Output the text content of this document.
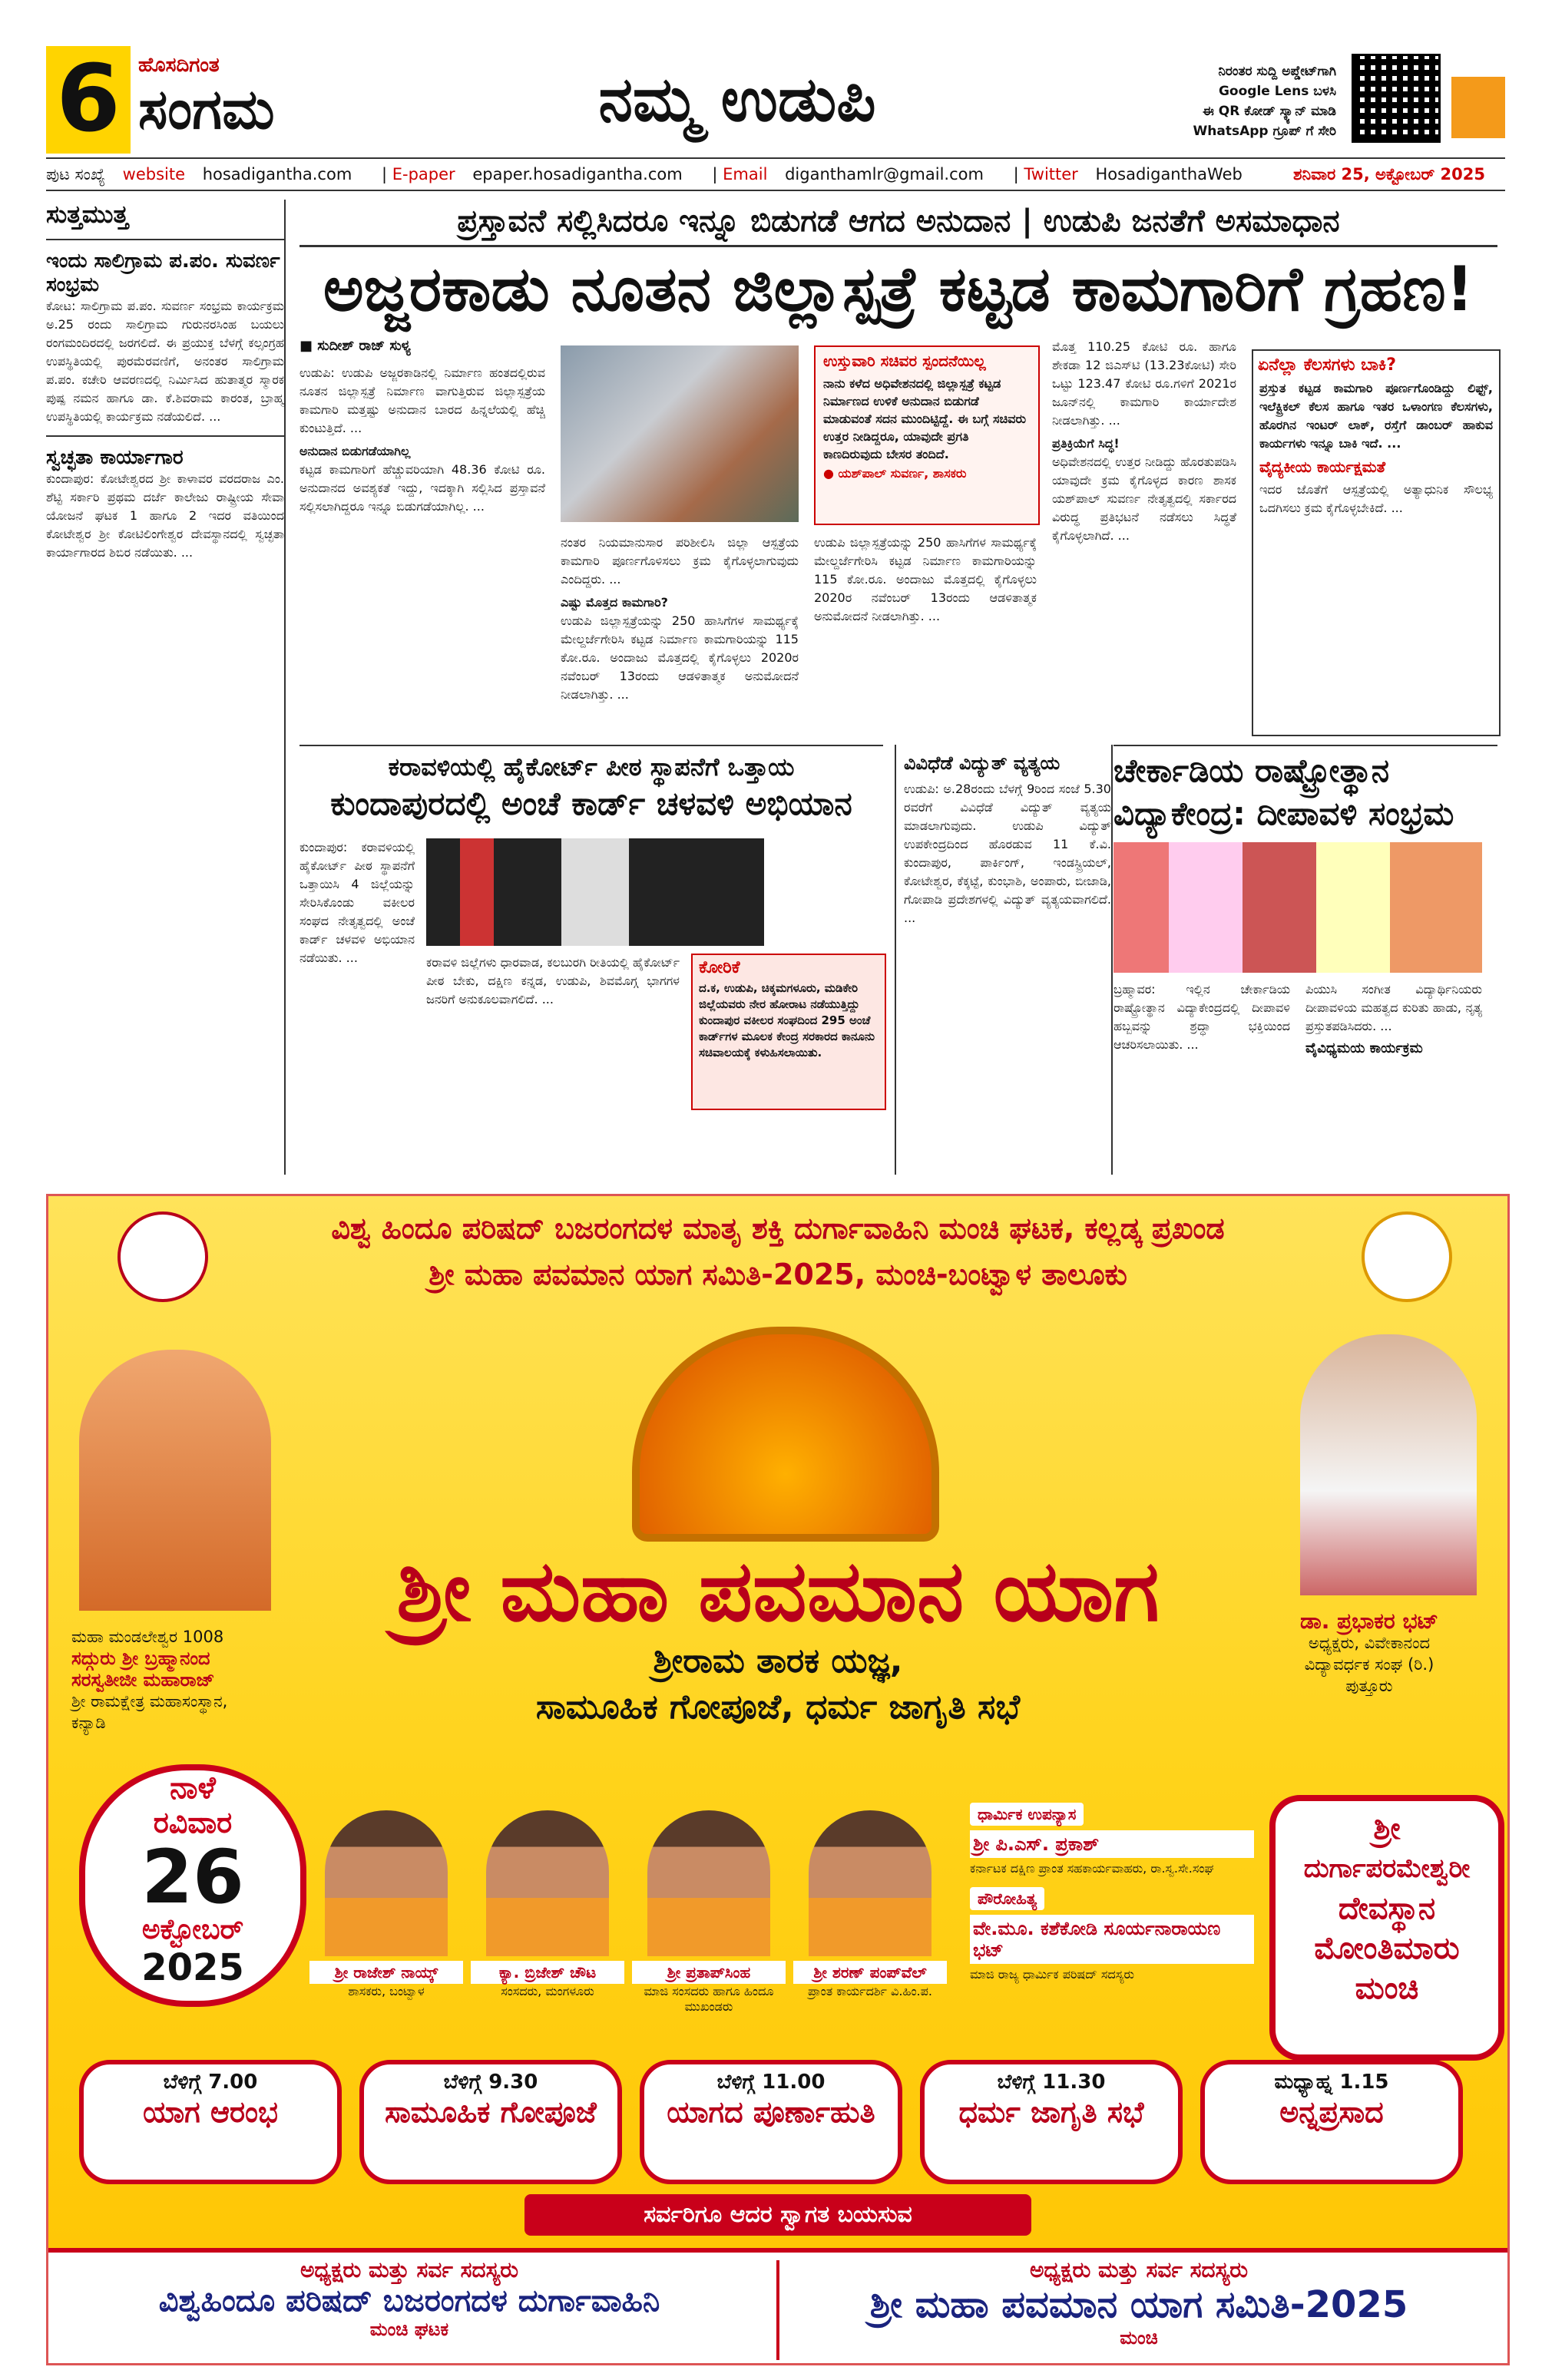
6 ಹೊಸದಿಗಂತ
ಸಂಗಮ	ನಮ್ಮ ಉಡುಪಿ	ನಿರಂತರ ಸುದ್ದಿ ಅಪ್ಡೇಟ್‌ಗಾಗಿ
Google Lens ಬಳಸಿ
ಈ QR ಕೋಡ್ ಸ್ಕ್ಯಾನ್ ಮಾಡಿ
WhatsApp ಗ್ರೂಪ್ ಗೆ ಸೇರಿ
ಪುಟ ಸಂಖ್ಯೆ website hosadigantha.com | E-paper epaper.hosadigantha.com | Email diganthamlr@gmail.com | Twitter HosadiganthaWeb	ಶನಿವಾರ 25, ಅಕ್ಟೋಬರ್ 2025
ಸುತ್ತಮುತ್ತ
ಇಂದು ಸಾಲಿಗ್ರಾಮ ಪ.ಪಂ. ಸುವರ್ಣ ಸಂಭ್ರಮ
ಕೋಟ: ಸಾಲಿಗ್ರಾಮ ಪ.ಪಂ. ಸುವರ್ಣ ಸಂಭ್ರಮ ಕಾರ್ಯಕ್ರಮ ಅ.25 ರಂದು ಸಾಲಿಗ್ರಾಮ ಗುರುನರಸಿಂಹ ಬಯಲು ರಂಗಮಂದಿರದಲ್ಲಿ ಜರಗಲಿದೆ. ಈ ಪ್ರಯುಕ್ತ ಬೆಳಗ್ಗೆ ಕಲ್ಸಂಗ್ರಹ ಉಪಸ್ಥಿತಿಯಲ್ಲಿ ಪುರಮೆರವಣಿಗೆ, ಅನಂತರ ಸಾಲಿಗ್ರಾಮ ಪ.ಪಂ. ಕಚೇರಿ ಆವರಣದಲ್ಲಿ ನಿರ್ಮಿಸಿದ ಹುತಾತ್ಮರ ಸ್ಮಾರಕ ಪುಷ್ಪ ನಮನ ಹಾಗೂ ಡಾ. ಕೆ.ಶಿವರಾಮ ಕಾರಂತ, ಬ್ರಾಹ್ಮ ಉಪಸ್ಥಿತಿಯಲ್ಲಿ ಕಾರ್ಯಕ್ರಮ ನಡೆಯಲಿದೆ. ...
ಸ್ವಚ್ಛತಾ ಕಾರ್ಯಾಗಾರ
ಕುಂದಾಪುರ: ಕೋಟೇಶ್ವರದ ಶ್ರೀ ಕಾಳಾವರ ವರದರಾಜ ಎಂ. ಶೆಟ್ಟಿ ಸರ್ಕಾರಿ ಪ್ರಥಮ ದರ್ಜೆ ಕಾಲೇಜು ರಾಷ್ಟ್ರೀಯ ಸೇವಾ ಯೋಜನೆ ಘಟಕ 1 ಹಾಗೂ 2 ಇದರ ವತಿಯಿಂದ ಕೋಟೇಶ್ವರ ಶ್ರೀ ಕೋಟಿಲಿಂಗೇಶ್ವರ ದೇವಸ್ಥಾನದಲ್ಲಿ ಸ್ವಚ್ಛತಾ ಕಾರ್ಯಾಗಾರದ ಶಿಬಿರ ನಡೆಯಿತು. ...
ಪ್ರಸ್ತಾವನೆ ಸಲ್ಲಿಸಿದರೂ ಇನ್ನೂ ಬಿಡುಗಡೆ ಆಗದ ಅನುದಾನ | ಉಡುಪಿ ಜನತೆಗೆ ಅಸಮಾಧಾನ
ಅಜ್ಜರಕಾಡು ನೂತನ ಜಿಲ್ಲಾಸ್ಪತ್ರೆ ಕಟ್ಟಡ ಕಾಮಗಾರಿಗೆ ಗ್ರಹಣ!
■ ಸುದೀಶ್ ರಾಜ್ ಸುಳ್ಯ
ಉಡುಪಿ: ಉಡುಪಿ ಅಜ್ಜರಕಾಡಿನಲ್ಲಿ ನಿರ್ಮಾಣ ಹಂತದಲ್ಲಿರುವ ನೂತನ ಜಿಲ್ಲಾಸ್ಪತ್ರೆ ನಿರ್ಮಾಣ ವಾಗುತ್ತಿರುವ ಜಿಲ್ಲಾಸ್ಪತ್ರೆಯ ಕಾಮಗಾರಿ ಮತ್ತಷ್ಟು ಅನುದಾನ ಬಾರದ ಹಿನ್ನಲೆಯಲ್ಲಿ ಹೆಚ್ಚಿ ಕುಂಟುತ್ತಿದೆ. ...
ಅನುದಾನ ಬಿಡುಗಡೆಯಾಗಿಲ್ಲ
ಕಟ್ಟಡ ಕಾಮಗಾರಿಗೆ ಹೆಚ್ಚುವರಿಯಾಗಿ 48.36 ಕೋಟಿ ರೂ. ಅನುದಾನದ ಅವಶ್ಯಕತೆ ಇದ್ದು, ಇದಕ್ಕಾಗಿ ಸಲ್ಲಿಸಿದ ಪ್ರಸ್ತಾವನೆ ಸಲ್ಲಿಸಲಾಗಿದ್ದರೂ ಇನ್ನೂ ಬಿಡುಗಡೆಯಾಗಿಲ್ಲ. ...
ಉಸ್ತುವಾರಿ ಸಚಿವರ ಸ್ಪಂದನೆಯಿಲ್ಲ
ನಾನು ಕಳೆದ ಅಧಿವೇಶನದಲ್ಲಿ ಜಿಲ್ಲಾಸ್ಪತ್ರೆ ಕಟ್ಟಡ ನಿರ್ಮಾಣದ ಉಳಿಕೆ ಅನುದಾನ ಬಿಡುಗಡೆ ಮಾಡುವಂತೆ ಸದನ ಮುಂದಿಟ್ಟಿದ್ದೆ. ಈ ಬಗ್ಗೆ ಸಚಿವರು ಉತ್ತರ ನೀಡಿದ್ದರೂ, ಯಾವುದೇ ಪ್ರಗತಿ ಕಾಣದಿರುವುದು ಬೇಸರ ತಂದಿದೆ.
● ಯಶ್‌ಪಾಲ್ ಸುವರ್ಣ, ಶಾಸಕರು
ನಂತರ ನಿಯಮಾನುಸಾರ ಪರಿಶೀಲಿಸಿ ಜಿಲ್ಲಾ ಆಸ್ಪತ್ರೆಯ ಕಾಮಗಾರಿ ಪೂರ್ಣಗೊಳಿಸಲು ಕ್ರಮ ಕೈಗೊಳ್ಳಲಾಗುವುದು ಎಂದಿದ್ದರು. ...
ಎಷ್ಟು ಮೊತ್ತದ ಕಾಮಗಾರಿ?
ಉಡುಪಿ ಜಿಲ್ಲಾಸ್ಪತ್ರೆಯನ್ನು 250 ಹಾಸಿಗೆಗಳ ಸಾಮರ್ಥ್ಯಕ್ಕೆ ಮೇಲ್ದರ್ಜೆಗೇರಿಸಿ ಕಟ್ಟಡ ನಿರ್ಮಾಣ ಕಾಮಗಾರಿಯನ್ನು 115 ಕೋ.ರೂ. ಅಂದಾಜು ಮೊತ್ತದಲ್ಲಿ ಕೈಗೊಳ್ಳಲು 2020ರ ನವೆಂಬರ್ 13ರಂದು ಆಡಳಿತಾತ್ಮಕ ಅನುಮೋದನೆ ನೀಡಲಾಗಿತ್ತು. ...
ಉಡುಪಿ ಜಿಲ್ಲಾಸ್ಪತ್ರೆಯನ್ನು 250 ಹಾಸಿಗೆಗಳ ಸಾಮರ್ಥ್ಯಕ್ಕೆ ಮೇಲ್ದರ್ಜೆಗೇರಿಸಿ ಕಟ್ಟಡ ನಿರ್ಮಾಣ ಕಾಮಗಾರಿಯನ್ನು 115 ಕೋ.ರೂ. ಅಂದಾಜು ಮೊತ್ತದಲ್ಲಿ ಕೈಗೊಳ್ಳಲು 2020ರ ನವೆಂಬರ್ 13ರಂದು ಆಡಳಿತಾತ್ಮಕ ಅನುಮೋದನೆ ನೀಡಲಾಗಿತ್ತು. ...
ಮೊತ್ತ 110.25 ಕೋಟಿ ರೂ. ಹಾಗೂ ಶೇಕಡಾ 12 ಜಿಎಸ್‌ಟಿ (13.23ಕೋಟಿ) ಸೇರಿ ಒಟ್ಟು 123.47 ಕೋಟಿ ರೂ.ಗಳಿಗೆ 2021ರ ಜೂನ್‌ನಲ್ಲಿ ಕಾಮಗಾರಿ ಕಾರ್ಯಾದೇಶ ನೀಡಲಾಗಿತ್ತು. ...
ಪ್ರತಿಕ್ರಿಯೆಗೆ ಸಿದ್ಧ!
ಅಧಿವೇಶನದಲ್ಲಿ ಉತ್ತರ ನೀಡಿದ್ದು ಹೊರತುಪಡಿಸಿ ಯಾವುದೇ ಕ್ರಮ ಕೈಗೊಳ್ಳದ ಕಾರಣ ಶಾಸಕ ಯಶ್‌ಪಾಲ್ ಸುವರ್ಣ ನೇತೃತ್ವದಲ್ಲಿ ಸರ್ಕಾರದ ವಿರುದ್ಧ ಪ್ರತಿಭಟನೆ ನಡೆಸಲು ಸಿದ್ಧತೆ ಕೈಗೊಳ್ಳಲಾಗಿದೆ. ...
ಏನೆಲ್ಲಾ ಕೆಲಸಗಳು ಬಾಕಿ?
ಪ್ರಸ್ತುತ ಕಟ್ಟಡ ಕಾಮಗಾರಿ ಪೂರ್ಣಗೊಂಡಿದ್ದು ಲಿಫ್ಟ್, ಇಲೆಕ್ಟ್ರಿಕಲ್ ಕೆಲಸ ಹಾಗೂ ಇತರ ಒಳಾಂಗಣ ಕೆಲಸಗಳು, ಹೊರಗಿನ ಇಂಟರ್ ಲಾಕ್, ರಸ್ತೆಗೆ ಡಾಂಬರ್ ಹಾಕುವ ಕಾರ್ಯಗಳು ಇನ್ನೂ ಬಾಕಿ ಇದೆ. ...
ವೈದ್ಯಕೀಯ ಕಾರ್ಯಕ್ಷಮತೆ
ಇದರ ಜೊತೆಗೆ ಆಸ್ಪತ್ರೆಯಲ್ಲಿ ಅತ್ಯಾಧುನಿಕ ಸೌಲಭ್ಯ ಒದಗಿಸಲು ಕ್ರಮ ಕೈಗೊಳ್ಳಬೇಕಿದೆ. ...
ಕರಾವಳಿಯಲ್ಲಿ ಹೈಕೋರ್ಟ್ ಪೀಠ ಸ್ಥಾಪನೆಗೆ ಒತ್ತಾಯ
ಕುಂದಾಪುರದಲ್ಲಿ ಅಂಚೆ ಕಾರ್ಡ್ ಚಳವಳಿ ಅಭಿಯಾನ
ಕುಂದಾಪುರ: ಕರಾವಳಿಯಲ್ಲಿ ಹೈಕೋರ್ಟ್ ಪೀಠ ಸ್ಥಾಪನೆಗೆ ಒತ್ತಾಯಿಸಿ 4 ಜಿಲ್ಲೆಯನ್ನು ಸೇರಿಸಿಕೊಂಡು ವಕೀಲರ ಸಂಘದ ನೇತೃತ್ವದಲ್ಲಿ ಅಂಚೆ ಕಾರ್ಡ್ ಚಳವಳಿ ಅಭಿಯಾನ ನಡೆಯಿತು. ...	ಕರಾವಳಿ ಜಿಲ್ಲೆಗಳು ಧಾರವಾಡ, ಕಲಬುರಗಿ ರೀತಿಯಲ್ಲಿ ಹೈಕೋರ್ಟ್ ಪೀಠ ಬೇಕು, ದಕ್ಷಿಣ ಕನ್ನಡ, ಉಡುಪಿ, ಶಿವಮೊಗ್ಗ ಭಾಗಗಳ ಜನರಿಗೆ ಅನುಕೂಲವಾಗಲಿದೆ. ...
ಕೋರಿಕೆ
ದ.ಕ, ಉಡುಪಿ, ಚಿಕ್ಕಮಗಳೂರು, ಮಡಿಕೇರಿ ಜಿಲ್ಲೆಯವರು ನೇರ ಹೋರಾಟ ನಡೆಯುತ್ತಿದ್ದು ಕುಂದಾಪುರ ವಕೀಲರ ಸಂಘದಿಂದ 295 ಅಂಚೆ ಕಾರ್ಡ್‌ಗಳ ಮೂಲಕ ಕೇಂದ್ರ ಸರಕಾರದ ಕಾನೂನು ಸಚಿವಾಲಯಕ್ಕೆ ಕಳುಹಿಸಲಾಯಿತು.
ವಿವಿಧೆಡೆ ವಿದ್ಯುತ್ ವ್ಯತ್ಯಯ
ಉಡುಪಿ: ಅ.28ರಂದು ಬೆಳಗ್ಗೆ 9ರಿಂದ ಸಂಜೆ 5.30 ರವರೆಗೆ ವಿವಿಧೆಡೆ ವಿದ್ಯುತ್ ವ್ಯತ್ಯಯ ಮಾಡಲಾಗುವುದು. ಉಡುಪಿ ವಿದ್ಯುತ್ ಉಪಕೇಂದ್ರದಿಂದ ಹೊರಡುವ 11 ಕೆ.ವಿ. ಕುಂದಾಪುರ, ಪಾರ್ಕಿಂಗ್, ಇಂಡಸ್ಟ್ರಿಯಲ್, ಕೋಟೇಶ್ವರ, ಕೆಕ್ಕಟ್ಟೆ, ಕುಂಭಾಶಿ, ಅಂಪಾರು, ಬೀಜಾಡಿ, ಗೋಪಾಡಿ ಪ್ರದೇಶಗಳಲ್ಲಿ ವಿದ್ಯುತ್ ವ್ಯತ್ಯಯವಾಗಲಿದೆ. ...
ಚೇರ್ಕಾಡಿಯ ರಾಷ್ಟ್ರೋತ್ಥಾನ
ವಿದ್ಯಾಕೇಂದ್ರ: ದೀಪಾವಳಿ ಸಂಭ್ರಮ
ಬ್ರಹ್ಮಾವರ: ಇಲ್ಲಿನ ಚೇರ್ಕಾಡಿಯ ರಾಷ್ಟ್ರೋತ್ಥಾನ ವಿದ್ಯಾಕೇಂದ್ರದಲ್ಲಿ ದೀಪಾವಳಿ ಹಬ್ಬವನ್ನು ಶ್ರದ್ಧಾ ಭಕ್ತಿಯಿಂದ ಆಚರಿಸಲಾಯಿತು. ...
ಪಿಯುಸಿ ಸಂಗೀತ ವಿದ್ಯಾರ್ಥಿನಿಯರು ದೀಪಾವಳಿಯ ಮಹತ್ವದ ಕುರಿತು ಹಾಡು, ನೃತ್ಯ ಪ್ರಸ್ತುತಪಡಿಸಿದರು. ...
ವೈವಿಧ್ಯಮಯ ಕಾರ್ಯಕ್ರಮ
ವಿಶ್ವ ಹಿಂದೂ ಪರಿಷದ್ ಬಜರಂಗದಳ ಮಾತೃ ಶಕ್ತಿ ದುರ್ಗಾವಾಹಿನಿ ಮಂಚಿ ಘಟಕ, ಕಲ್ಲಡ್ಕ ಪ್ರಖಂಡ
ಶ್ರೀ ಮಹಾ ಪವಮಾನ ಯಾಗ ಸಮಿತಿ-2025, ಮಂಚಿ-ಬಂಟ್ವಾಳ ತಾಲೂಕು
ಮಹಾ ಮಂಡಲೇಶ್ವರ 1008
ಸದ್ಗುರು ಶ್ರೀ ಬ್ರಹ್ಮಾನಂದ
ಸರಸ್ವತೀಜೀ ಮಹಾರಾಜ್
ಶ್ರೀ ರಾಮಕ್ಷೇತ್ರ ಮಹಾಸಂಸ್ಥಾನ,
ಕನ್ಯಾಡಿ
ಡಾ. ಪ್ರಭಾಕರ ಭಟ್
ಅಧ್ಯಕ್ಷರು, ವಿವೇಕಾನಂದ
ವಿದ್ಯಾವರ್ಧಕ ಸಂಘ (ರಿ.)
ಪುತ್ತೂರು
ಶ್ರೀ ಮಹಾ ಪವಮಾನ ಯಾಗ
ಶ್ರೀರಾಮ ತಾರಕ ಯಜ್ಞ,
ಸಾಮೂಹಿಕ ಗೋಪೂಜೆ, ಧರ್ಮ ಜಾಗೃತಿ ಸಭೆ
ನಾಳೆ
ರವಿವಾರ
26
ಅಕ್ಟೋಬರ್
2025	ಶ್ರೀ ರಾಜೇಶ್ ನಾಯ್ಕ್
ಶಾಸಕರು, ಬಂಟ್ವಾಳ
ಕ್ಯಾ. ಬ್ರಿಜೇಶ್ ಚೌಟ
ಸಂಸದರು, ಮಂಗಳೂರು
ಶ್ರೀ ಪ್ರತಾಪ್‌ಸಿಂಹ
ಮಾಜಿ ಸಂಸದರು ಹಾಗೂ ಹಿಂದೂ ಮುಖಂಡರು
ಶ್ರೀ ಶರಣ್ ಪಂಪ್‌ವೆಲ್
ಪ್ರಾಂತ ಕಾರ್ಯದರ್ಶಿ ವಿ.ಹಿಂ.ಪ.
ಧಾರ್ಮಿಕ ಉಪನ್ಯಾಸ
ಶ್ರೀ ಪಿ.ಎಸ್. ಪ್ರಕಾಶ್
ಕರ್ನಾಟಕ ದಕ್ಷಿಣ ಪ್ರಾಂತ ಸಹಕಾರ್ಯವಾಹರು, ರಾ.ಸ್ವ.ಸೇ.ಸಂಘ
ಪೌರೋಹಿತ್ಯ
ವೇ.ಮೂ. ಕಶೆಕೋಡಿ ಸೂರ್ಯನಾರಾಯಣ ಭಟ್
ಮಾಜಿ ರಾಜ್ಯ ಧಾರ್ಮಿಕ ಪರಿಷದ್ ಸದಸ್ಯರು
ಶ್ರೀ
ದುರ್ಗಾಪರಮೇಶ್ವರೀ
ದೇವಸ್ಥಾನ
ಮೋಂತಿಮಾರು
ಮಂಚಿ
ಬೆಳಿಗ್ಗೆ 7.00
ಯಾಗ ಆರಂಭ
ಬೆಳಿಗ್ಗೆ 9.30
ಸಾಮೂಹಿಕ ಗೋಪೂಜೆ
ಬೆಳಿಗ್ಗೆ 11.00
ಯಾಗದ ಪೂರ್ಣಾಹುತಿ
ಬೆಳಿಗ್ಗೆ 11.30
ಧರ್ಮ ಜಾಗೃತಿ ಸಭೆ
ಮಧ್ಯಾಹ್ನ 1.15
ಅನ್ನಪ್ರಸಾದ
ಸರ್ವರಿಗೂ ಆದರ ಸ್ವಾಗತ ಬಯಸುವ
ಅಧ್ಯಕ್ಷರು ಮತ್ತು ಸರ್ವ ಸದಸ್ಯರು
ವಿಶ್ವಹಿಂದೂ ಪರಿಷದ್ ಬಜರಂಗದಳ ದುರ್ಗಾವಾಹಿನಿ
ಮಂಚಿ ಘಟಕ
ಅಧ್ಯಕ್ಷರು ಮತ್ತು ಸರ್ವ ಸದಸ್ಯರು
ಶ್ರೀ ಮಹಾ ಪವಮಾನ ಯಾಗ ಸಮಿತಿ-2025
ಮಂಚಿ
